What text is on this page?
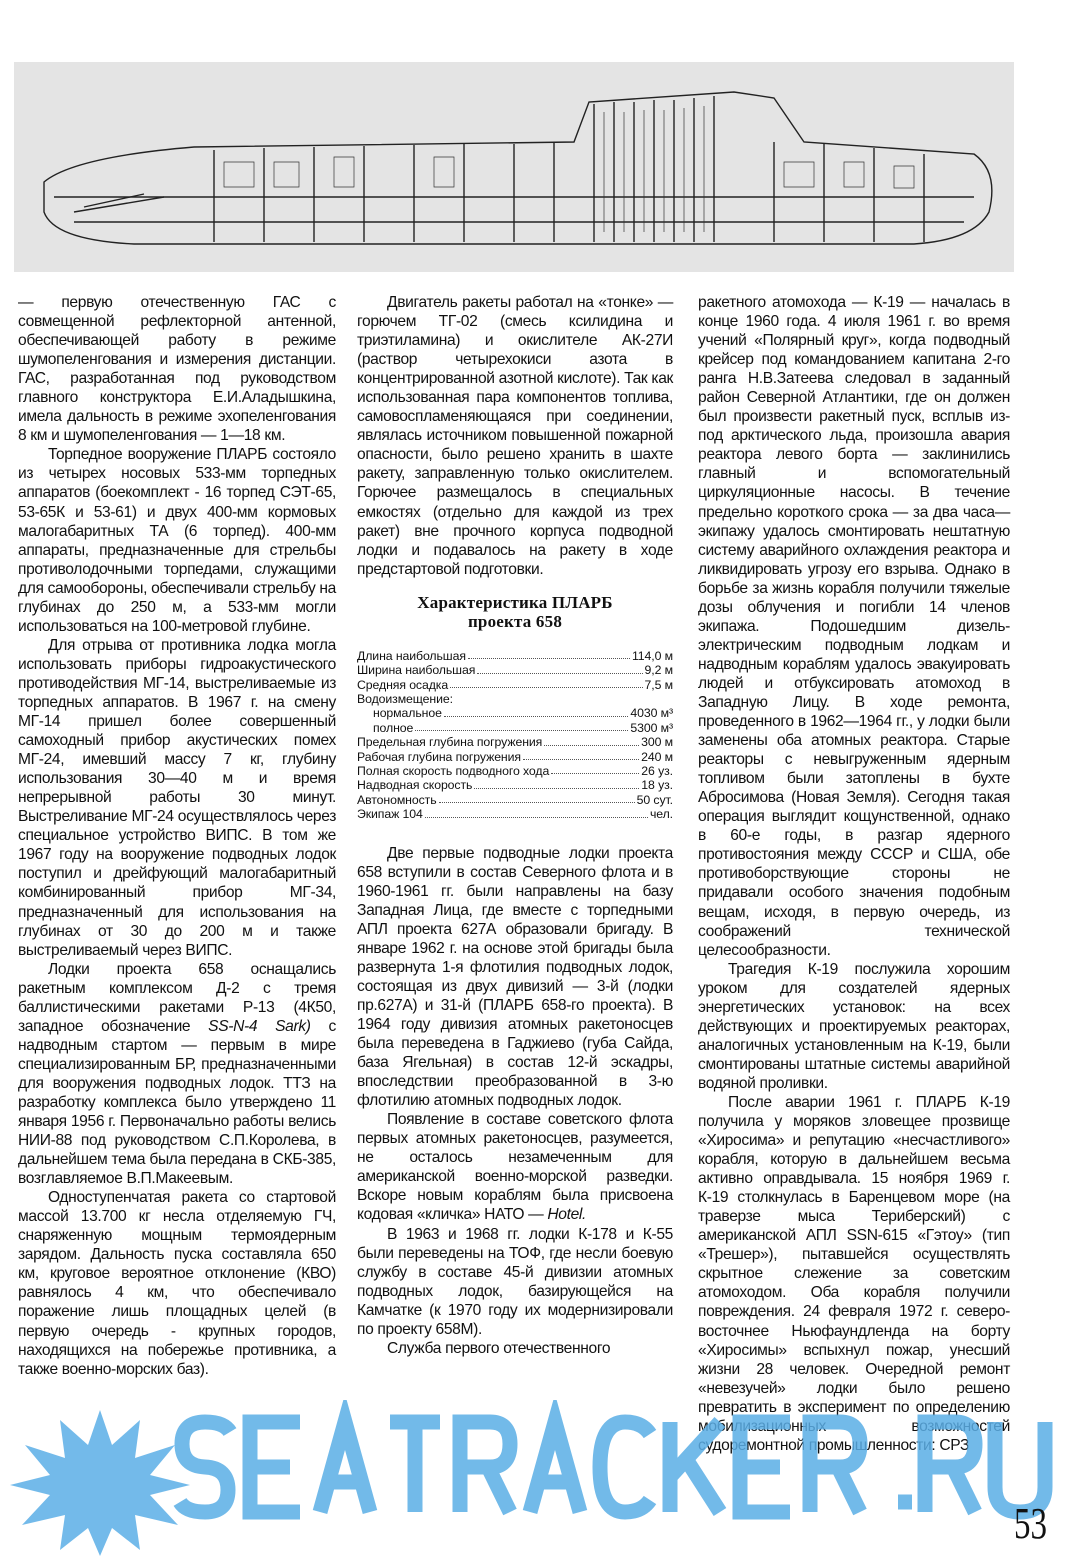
— первую отечественную ГАС с совмещенной рефлекторной антенной, обеспечивающей работу в режиме шумопеленгования и измерения дистанции. ГАС, разработанная под руководством главного конструктора Е.И.Аладышкина, имела дальность в режиме эхопеленгования 8 км и шумопеленгования — 1—18 км.

Торпедное вооружение ПЛАРБ состояло из четырех носовых 533-мм торпедных аппаратов (боекомплект - 16 торпед СЭТ-65, 53-65К и 53-61) и двух 400-мм кормовых малогабаритных ТА (6 торпед). 400-мм аппараты, предназначенные для стрельбы противолодочными торпедами, служащими для самообороны, обеспечивали стрельбу на глубинах до 250 м, а 533-мм могли использоваться на 100-метровой глубине.

Для отрыва от противника лодка могла использовать приборы гидроакустического противодействия МГ-14, выстреливаемые из торпедных аппаратов. В 1967 г. на смену МГ-14 пришел более совершенный самоходный прибор акустических помех МГ-24, имевший массу 7 кг, глубину использования 30—40 м и время непрерывной работы 30 минут. Выстреливание МГ-24 осуществлялось через специальное устройство ВИПС. В том же 1967 году на вооружение подводных лодок поступил и дрейфующий малогабаритный комбинированный прибор МГ-34, предназначенный для использования на глубинах от 30 до 200 м и также выстреливаемый через ВИПС.

Лодки проекта 658 оснащались ракетным комплексом Д-2 с тремя баллистическими ракетами Р-13 (4К50, западное обозначение SS-N-4 Sark) с надводным стартом — первым в мире специализированным БР, предназначенными для вооружения подводных лодок. ТТЗ на разработку комплекса было утверждено 11 января 1956 г. Первоначально работы велись НИИ-88 под руководством С.П.Королева, в дальнейшем тема была передана в СКБ-385, возглавляемое В.П.Макеевым.

Одноступенчатая ракета со стартовой массой 13.700 кг несла отделяемую ГЧ, снаряженную мощным термоядерным зарядом. Дальность пуска составляла 650 км, круговое вероятное отклонение (КВО) равнялось 4 км, что обеспечивало поражение лишь площадных целей (в первую очередь - крупных городов, находящихся на побережье противника, а также военно-морских баз).

Двигатель ракеты работал на «тонке» — горючем ТГ-02 (смесь ксилидина и триэтиламина) и окислителе АК-27И (раствор четырехокиси азота в концентрированной азотной кислоте). Так как использованная пара компонентов топлива, самовоспламеняющаяся при соединении, являлась источником повышенной пожарной опасности, было решено хранить в шахте ракету, заправленную только окислителем. Горючее размещалось в специальных емкостях (отдельно для каждой из трех ракет) вне прочного корпуса подводной лодки и подавалось на ракету в ходе предстартовой подготовки.

Характеристика ПЛАРБ
проекта 658
Длина наибольшая	114,0 м
Ширина наибольшая	9,2 м
Средняя осадка	7,5 м
Водоизмещение:
нормальное	4030 м³
полное	5300 м³
Предельная глубина погружения	300 м
Рабочая глубина погружения	240 м
Полная скорость подводного хода	26 уз.
Надводная скорость	18 уз.
Автономность	50 сут.
Экипаж 104	чел.

Две первые подводные лодки проекта 658 вступили в состав Северного флота и в 1960-1961 гг. были направлены на базу Западная Лица, где вместе с торпедными АПЛ проекта 627А образовали бригаду. В январе 1962 г. на основе этой бригады была развернута 1-я флотилия подводных лодок, состоящая из двух дивизий — 3-й (лодки пр.627А) и 31-й (ПЛАРБ 658-го проекта). В 1964 году дивизия атомных ракетоносцев была переведена в Гаджиево (губа Сайда, база Ягельная) в состав 12-й эскадры, впоследствии преобразованной в 3-ю флотилию атомных подводных лодок.

Появление в составе советского флота первых атомных ракетоносцев, разумеется, не осталось незамеченным для американской военно-морской разведки. Вскоре новым кораблям была присвоена кодовая «кличка» НАТО — Hotel.

В 1963 и 1968 гг. лодки К-178 и К-55 были переведены на ТОФ, где несли боевую службу в составе 45-й дивизии атомных подводных лодок, базирующейся на Камчатке (к 1970 году их модернизировали по проекту 658М).

Служба первого отечественного

ракетного атомохода — К-19 — началась в конце 1960 года. 4 июля 1961 г. во время учений «Полярный круг», когда подводный крейсер под командованием капитана 2-го ранга Н.В.Затеева следовал в заданный район Северной Атлантики, где он должен был произвести ракетный пуск, всплыв из-под арктического льда, произошла авария реактора левого борта — заклинились главный и вспомогательный циркуляционные насосы. В течение предельно короткого срока — за два часа—экипажу удалось смонтировать нештатную систему аварийного охлаждения реактора и ликвидировать угрозу его взрыва. Однако в борьбе за жизнь корабля получили тяжелые дозы облучения и погибли 14 членов экипажа. Подошедшим дизель-электрическим подводным лодкам и надводным кораблям удалось эвакуировать людей и отбуксировать атомоход в Западную Лицу. В ходе ремонта, проведенного в 1962—1964 гг., у лодки были заменены оба атомных реактора. Старые реакторы с невыгруженным ядерным топливом были затоплены в бухте Абросимова (Новая Земля). Сегодня такая операция выглядит кощунственной, однако в 60-е годы, в разгар ядерного противостояния между СССР и США, обе противоборствующие стороны не придавали особого значения подобным вещам, исходя, в первую очередь, из соображений технической целесообразности.

Трагедия К-19 послужила хорошим уроком для создателей ядерных энергетических установок: на всех действующих и проектируемых реакторах, аналогичных установленным на К-19, были смонтированы штатные системы аварийной водяной проливки.

После аварии 1961 г. ПЛАРБ К-19 получила у моряков зловещее прозвище «Хиросима» и репутацию «несчастливого» корабля, которую в дальнейшем весьма активно оправдывала. 15 ноября 1969 г. К-19 столкнулась в Баренцевом море (на траверзе мыса Териберский) с американской АПЛ SSN-615 «Гэтоу» (тип «Трешер»), пытавшейся осуществлять скрытное слежение за советским атомоходом. Оба корабля получили повреждения. 24 февраля 1972 г. северо-восточнее Ньюфаундленда на борту «Хиросимы» вспыхнул пожар, унесший жизни 28 человек. Очередной ремонт «невезучей» лодки было решено превратить в эксперимент по определению мобилизационных возможностей судоремонтной промышленности: СРЗ

53
